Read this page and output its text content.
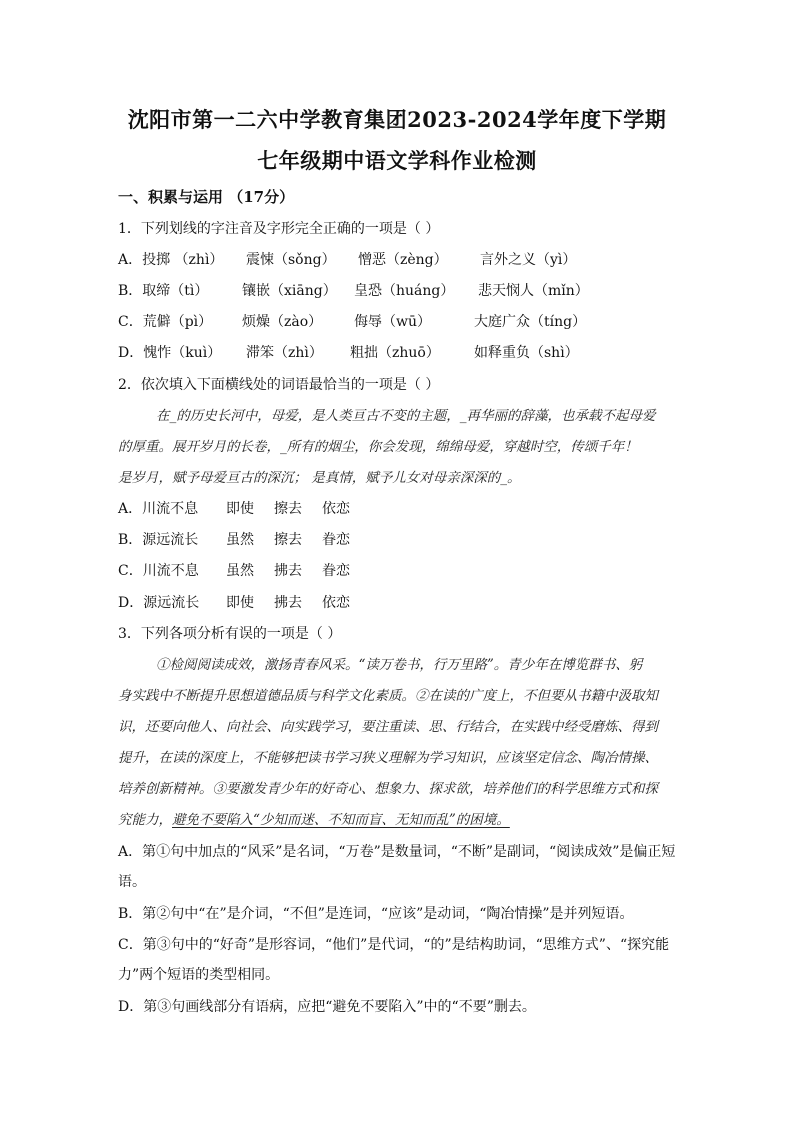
沈阳市第一二六中学教育集团2023-2024学年度下学期
七年级期中语文学科作业检测
一、积累与运用 （17分）
1．下列划线的字注音及字形完全正确的一项是（ ）
A．投掷 （zhì） 震悚（sǒng） 憎恶（zèng） 言外之义（yì）
B．取缔（tì） 镶嵌（xiāng） 皇恐（huáng） 悲天悯人（mǐn）
C．荒僻（pì） 烦燥（zào） 侮辱（wū）	大庭广众（tíng）
D．愧怍（kuì） 滞笨（zhì） 粗拙（zhuō） 如释重负（shì）
2．依次填入下面横线处的词语最恰当的一项是（ ）
在_的历史长河中，母爱，是人类亘古不变的主题，_再华丽的辞藻，也承载不起母爱
的厚重。展开岁月的长卷，_所有的烟尘，你会发现，绵绵母爱，穿越时空，传颂千年！
是岁月，赋予母爱亘古的深沉； 是真情，赋予儿女对母亲深深的_。
A．川流不息 即使 擦去 依恋
B．源远流长 虽然 擦去 眷恋
C．川流不息 虽然 拂去 眷恋
D．源远流长 即使 拂去 依恋
3．下列各项分析有误的一项是（ ）
①检阅阅读成效，激扬青春风采。“读万卷书，行万里路”。青少年在博览群书、躬
身实践中不断提升思想道德品质与科学文化素质。②在读的广度上，不但要从书籍中汲取知
识，还要向他人、向社会、向实践学习，要注重读、思、行结合，在实践中经受磨炼、得到
提升，在读的深度上，不能够把读书学习狭义理解为学习知识，应该坚定信念、陶冶情操、
培养创新精神。③要激发青少年的好奇心、想象力、探求欲，培养他们的科学思维方式和探
究能力，避免不要陷入“少知而迷、不知而盲、无知而乱”的困境。
A．第①句中加点的“风采”是名词，“万卷”是数量词，“不断”是副词，“阅读成效”是偏正短语。
B．第②句中“在”是介词，“不但”是连词，“应该”是动词，“陶冶情操”是并列短语。
C．第③句中的“好奇”是形容词，“他们”是代词，“的”是结构助词，“思维方式”、“探究能力”两个短语的类型相同。
D．第③句画线部分有语病，应把“避免不要陷入”中的“不要”删去。
